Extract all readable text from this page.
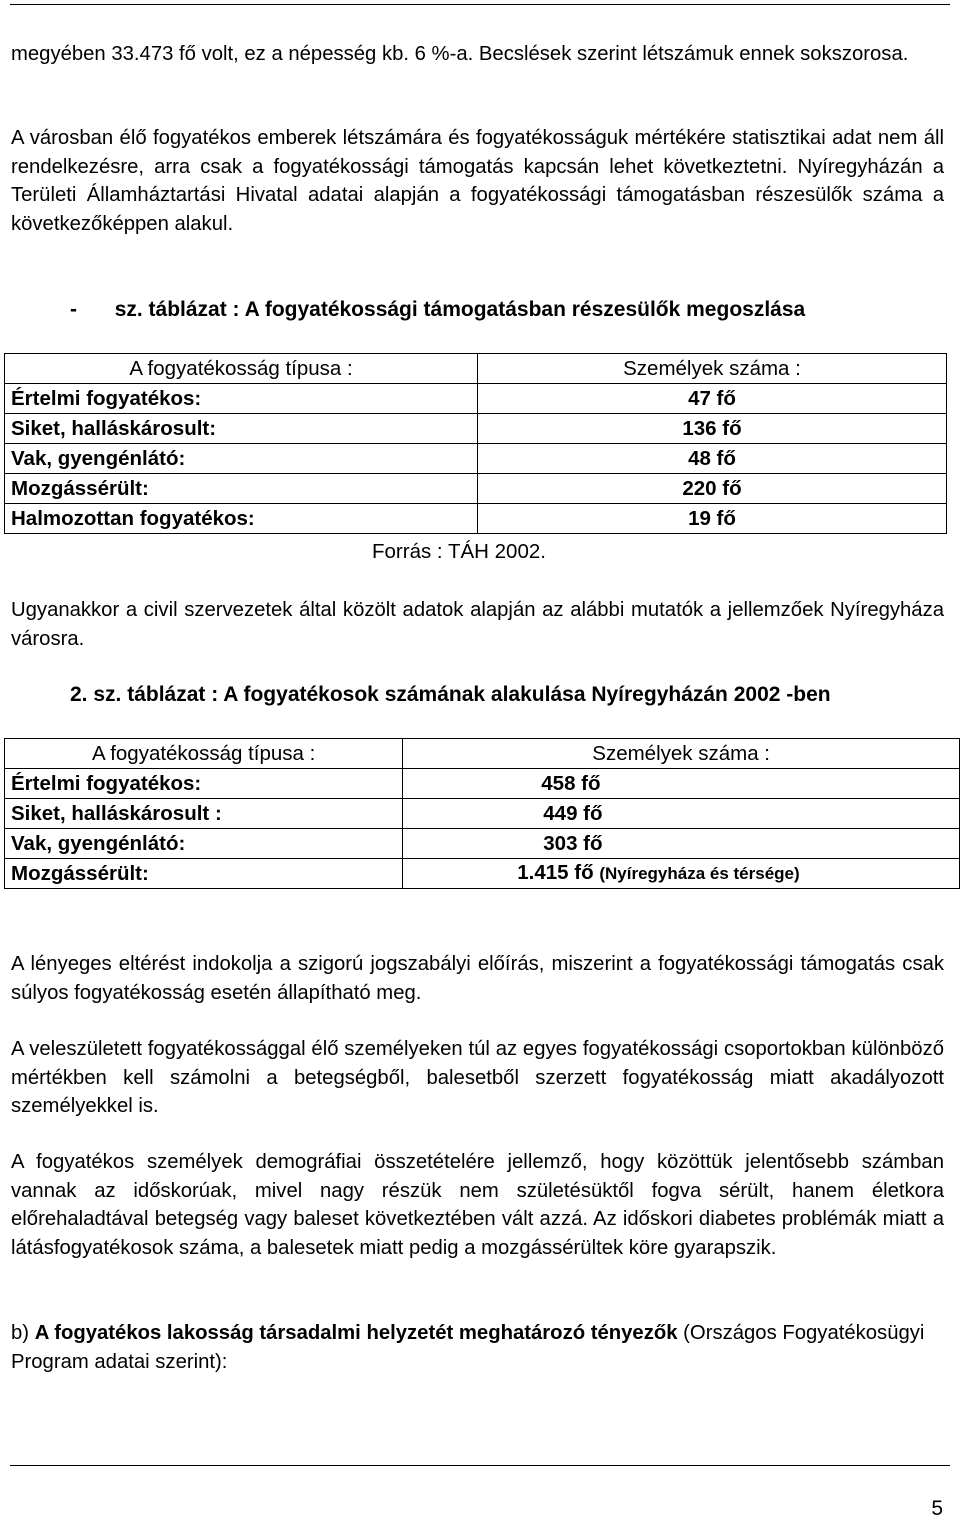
megyében 33.473 fő volt, ez a népesség kb. 6 %-a. Becslések szerint létszámuk ennek sokszorosa.

A városban élő fogyatékos emberek létszámára és fogyatékosságuk mértékére statisztikai adat nem áll rendelkezésre, arra csak a fogyatékossági támogatás kapcsán lehet következtetni. Nyíregyházán a Területi Államháztartási Hivatal adatai alapján a fogyatékossági támogatásban részesülők száma a következőképpen alakul.

- sz. táblázat : A fogyatékossági támogatásban részesülők megoszlása

A fogyatékosság típusa :	Személyek száma :
Értelmi fogyatékos:	47 fő
Siket, halláskárosult:	136 fő
Vak, gyengénlátó:	48 fő
Mozgássérült:	220 fő
Halmozottan fogyatékos:	19 fő

Forrás : TÁH 2002.

Ugyanakkor a civil szervezetek által közölt adatok alapján az alábbi mutatók a jellemzőek Nyíregyháza városra.

2. sz. táblázat : A fogyatékosok számának alakulása Nyíregyházán 2002 -ben

A fogyatékosság típusa :	Személyek száma :
Értelmi fogyatékos:	458 fő
Siket, halláskárosult :	449 fő
Vak, gyengénlátó:	303 fő
Mozgássérült:	1.415 fő (Nyíregyháza és térsége)

A lényeges eltérést indokolja a szigorú jogszabályi előírás, miszerint a fogyatékossági támogatás csak súlyos fogyatékosság esetén állapítható meg.

A veleszületett fogyatékossággal élő személyeken túl az egyes fogyatékossági csoportokban különböző mértékben kell számolni a betegségből, balesetből szerzett fogyatékosság miatt akadályozott személyekkel is.

A fogyatékos személyek demográfiai összetételére jellemző, hogy közöttük jelentősebb számban vannak az időskorúak, mivel nagy részük nem születésüktől fogva sérült, hanem életkora előrehaladtával betegség vagy baleset következtében vált azzá. Az időskori diabetes problémák miatt a látásfogyatékosok száma, a balesetek miatt pedig a mozgássérültek köre gyarapszik.

b) A fogyatékos lakosság társadalmi helyzetét meghatározó tényezők (Országos Fogyatékosügyi Program adatai szerint):

5
